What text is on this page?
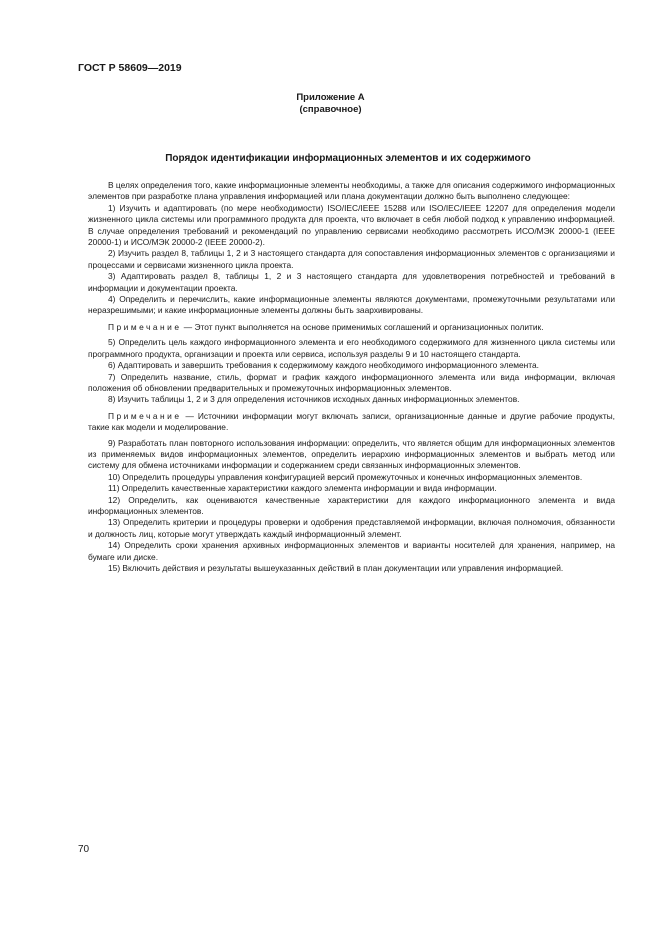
ГОСТ Р 58609—2019
Приложение А
(справочное)
Порядок идентификации информационных элементов и их содержимого

В целях определения того, какие информационные элементы необходимы, а также для описания содержимого информационных элементов при разработке плана управления информацией или плана документации должно быть выполнено следующее:

1) Изучить и адаптировать (по мере необходимости) ISO/IEC/IEEE 15288 или ISO/IEC/IEEE 12207 для определения модели жизненного цикла системы или программного продукта для проекта, что включает в себя любой подход к управлению информацией. В случае определения требований и рекомендаций по управлению сервисами необходимо рассмотреть ИСО/МЭК 20000-1 (IEEE 20000-1) и ИСО/МЭК 20000-2 (IEEE 20000-2).

2) Изучить раздел 8, таблицы 1, 2 и 3 настоящего стандарта для сопоставления информационных элементов с организациями и процессами и сервисами жизненного цикла проекта.

3) Адаптировать раздел 8, таблицы 1, 2 и 3 настоящего стандарта для удовлетворения потребностей и требований в информации и документации проекта.

4) Определить и перечислить, какие информационные элементы являются документами, промежуточными результатами или неразрешимыми; и какие информационные элементы должны быть заархивированы.

Примечание — Этот пункт выполняется на основе применимых соглашений и организационных политик.

5) Определить цель каждого информационного элемента и его необходимого содержимого для жизненного цикла системы или программного продукта, организации и проекта или сервиса, используя разделы 9 и 10 настоящего стандарта.

6) Адаптировать и завершить требования к содержимому каждого необходимого информационного элемента.

7) Определить название, стиль, формат и график каждого информационного элемента или вида информации, включая положения об обновлении предварительных и промежуточных информационных элементов.

8) Изучить таблицы 1, 2 и 3 для определения источников исходных данных информационных элементов.

Примечание — Источники информации могут включать записи, организационные данные и другие рабочие продукты, такие как модели и моделирование.

9) Разработать план повторного использования информации: определить, что является общим для информационных элементов из применяемых видов информационных элементов, определить иерархию информационных элементов и выбрать метод или систему для обмена источниками информации и содержанием среди связанных информационных элементов.

10) Определить процедуры управления конфигурацией версий промежуточных и конечных информационных элементов.

11) Определить качественные характеристики каждого элемента информации и вида информации.

12) Определить, как оцениваются качественные характеристики для каждого информационного элемента и вида информационных элементов.

13) Определить критерии и процедуры проверки и одобрения представляемой информации, включая полномочия, обязанности и должность лиц, которые могут утверждать каждый информационный элемент.

14) Определить сроки хранения архивных информационных элементов и варианты носителей для хранения, например, на бумаге или диске.

15) Включить действия и результаты вышеуказанных действий в план документации или управления информацией.

70
